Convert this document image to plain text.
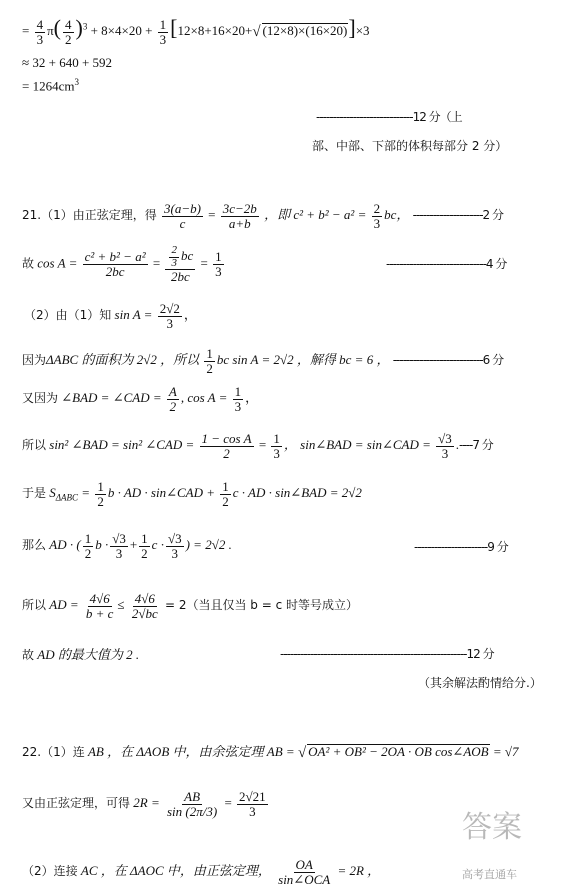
= $\frac{4}{3} \pi( \frac{4}{2} )^3 + 8\times 4\times 20 + \frac{1}{3} [12\times 8+16\times 20+√$ (12×8)×(16×20)]×3
≈ 32 + 640 + 592
= $1264cm^3$
-----------------------------12 分（上
部、中部、下部的体积每部分 2 分）
21.（1）由正弦定理，得 $\frac{3(a-b)}{c} = \frac{3c-2b}{a+b}$ ，即 $c^2 + b^2 - a^2 = \frac{2}{3}$ bc， ---------------------2 分
故 $\cos A = \frac{\text{c² + b² − a²}}{2bc} = \frac{\frac{2}{3} bc}{2bc} = \frac{1}{3}$	------------------------------4 分
（2）由（1）知 $\sin A = \frac{2√2}{3}$ ，
因为ΔABC 的面积为 2√2 ，所以 $\frac{1}{2}$ bc sin A = 2√2 ，解得 bc = 6 ， ---------------------------6 分
又因为 ∠BAD = ∠CAD = $\frac{A}{2}$ , $\cos A = \frac{1}{3}$ ，
所以 sin² ∠BAD = sin² ∠CAD = $\frac{\text{1 − cos A}}{2} = \frac{1}{3}$ ， sin∠BAD = sin∠CAD = $\frac{√3}{3} .----7$ 分
于是 $S_{\Delta ABC} = \frac{1}{2}$ b · AD · sin∠CAD + $\frac{1}{2}$ c · AD · sin∠BAD = 2√2
那么 AD · ( $\frac{1}{2}$ $b \cdot \frac{√3}{3} + \frac{1}{2}$ $c \cdot \frac{√3}{3}$ ) = 2√2 .	----------------------9 分
所以 AD = $\frac{4√6}{b + c} \le \frac{4√6}{2√bc} = 2$（当且仅当 b = c 时等号成立）
故 AD 的最大值为 2 .	--------------------------------------------------------12 分
（其余解法酌情给分.）
22.（1）连 AB ，在 ΔAOB 中，由余弦定理 AB = √ OA² + OB² − 2OA · OB cos∠AOB = √7
又由正弦定理，可得 $2R = \frac{AB}{\sin (2\pi/3)} = \frac{2√21}{3}$
（2）连接 AC ，在 ΔAOC 中，由正弦定理， $\frac{OA}{\text{sin∠OCA}} = 2R$ ，
答案
高考直通车
